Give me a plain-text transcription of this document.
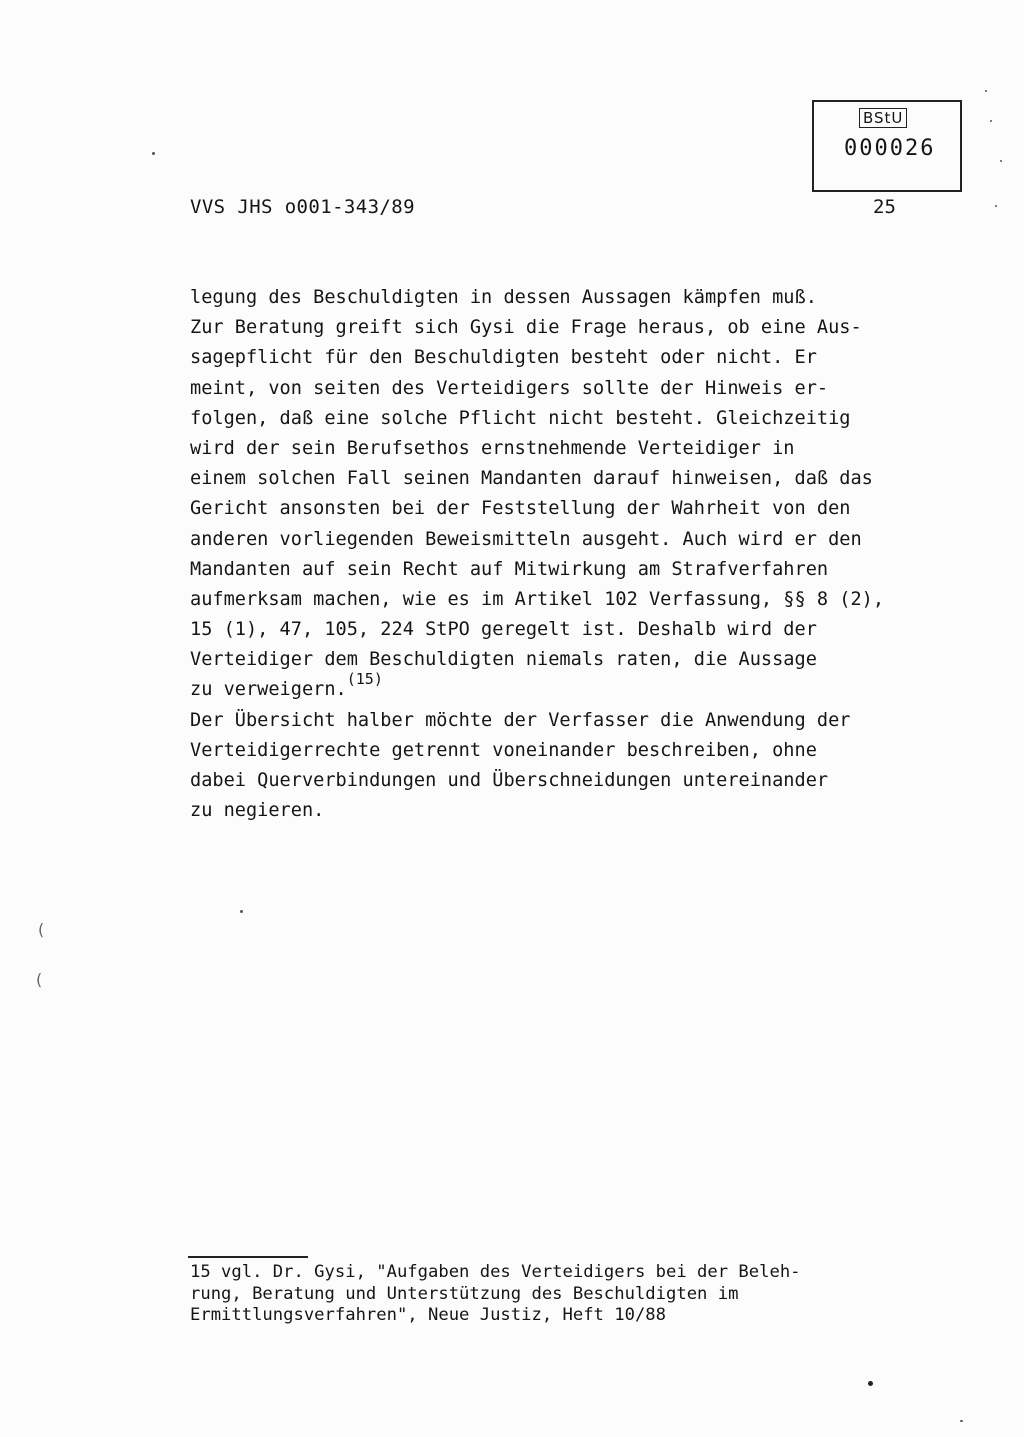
(
(
BStU
000026
VVS JHS o001-343/89	25
legung des Beschuldigten in dessen Aussagen kämpfen muß.
Zur Beratung greift sich Gysi die Frage heraus, ob eine Aus-
sagepflicht für den Beschuldigten besteht oder nicht. Er
meint, von seiten des Verteidigers sollte der Hinweis er-
folgen, daß eine solche Pflicht nicht besteht. Gleichzeitig
wird der sein Berufsethos ernstnehmende Verteidiger in
einem solchen Fall seinen Mandanten darauf hinweisen, daß das
Gericht ansonsten bei der Feststellung der Wahrheit von den
anderen vorliegenden Beweismitteln ausgeht. Auch wird er den
Mandanten auf sein Recht auf Mitwirkung am Strafverfahren
aufmerksam machen, wie es im Artikel 102 Verfassung, §§ 8 (2),
15 (1), 47, 105, 224 StPO geregelt ist. Deshalb wird der
Verteidiger dem Beschuldigten niemals raten, die Aussage
zu verweigern.$^{(15)}$
Der Übersicht halber möchte der Verfasser die Anwendung der
Verteidigerrechte getrennt voneinander beschreiben, ohne
dabei Querverbindungen und Überschneidungen untereinander
zu negieren.
15 vgl. Dr. Gysi, "Aufgaben des Verteidigers bei der Beleh-
rung, Beratung und Unterstützung des Beschuldigten im
Ermittlungsverfahren", Neue Justiz, Heft 10/88
